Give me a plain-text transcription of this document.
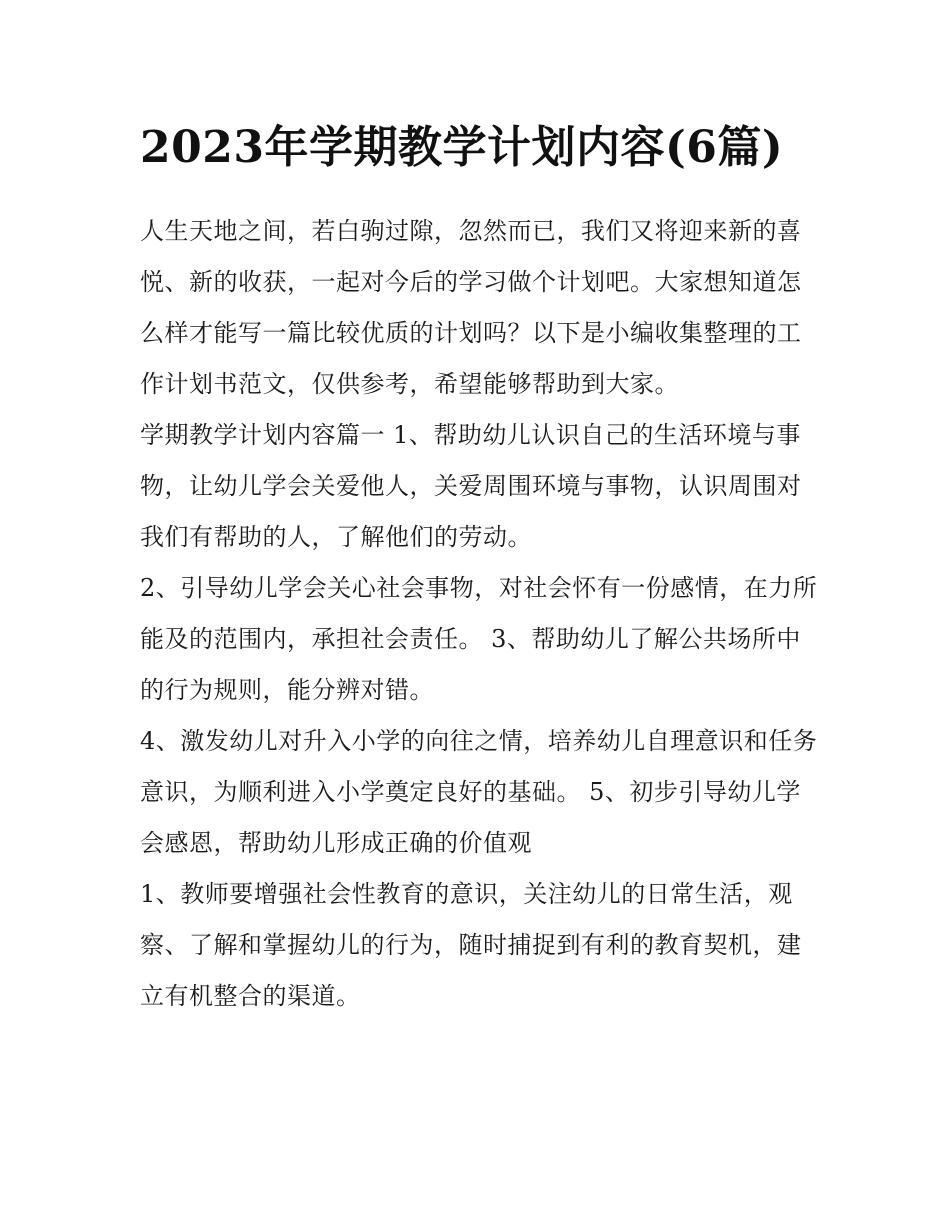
2023年学期教学计划内容(6篇)

人生天地之间，若白驹过隙，忽然而已，我们又将迎来新的喜悦、新的收获，一起对今后的学习做个计划吧。大家想知道怎么样才能写一篇比较优质的计划吗？以下是小编收集整理的工作计划书范文，仅供参考，希望能够帮助到大家。

学期教学计划内容篇一 1、帮助幼儿认识自己的生活环境与事物，让幼儿学会关爱他人，关爱周围环境与事物，认识周围对我们有帮助的人，了解他们的劳动。

2、引导幼儿学会关心社会事物，对社会怀有一份感情，在力所能及的范围内，承担社会责任。 3、帮助幼儿了解公共场所中的行为规则，能分辨对错。

4、激发幼儿对升入小学的向往之情，培养幼儿自理意识和任务意识，为顺利进入小学奠定良好的基础。 5、初步引导幼儿学会感恩，帮助幼儿形成正确的价值观

1、教师要增强社会性教育的意识，关注幼儿的日常生活，观察、了解和掌握幼儿的行为，随时捕捉到有利的教育契机，建立有机整合的渠道。
